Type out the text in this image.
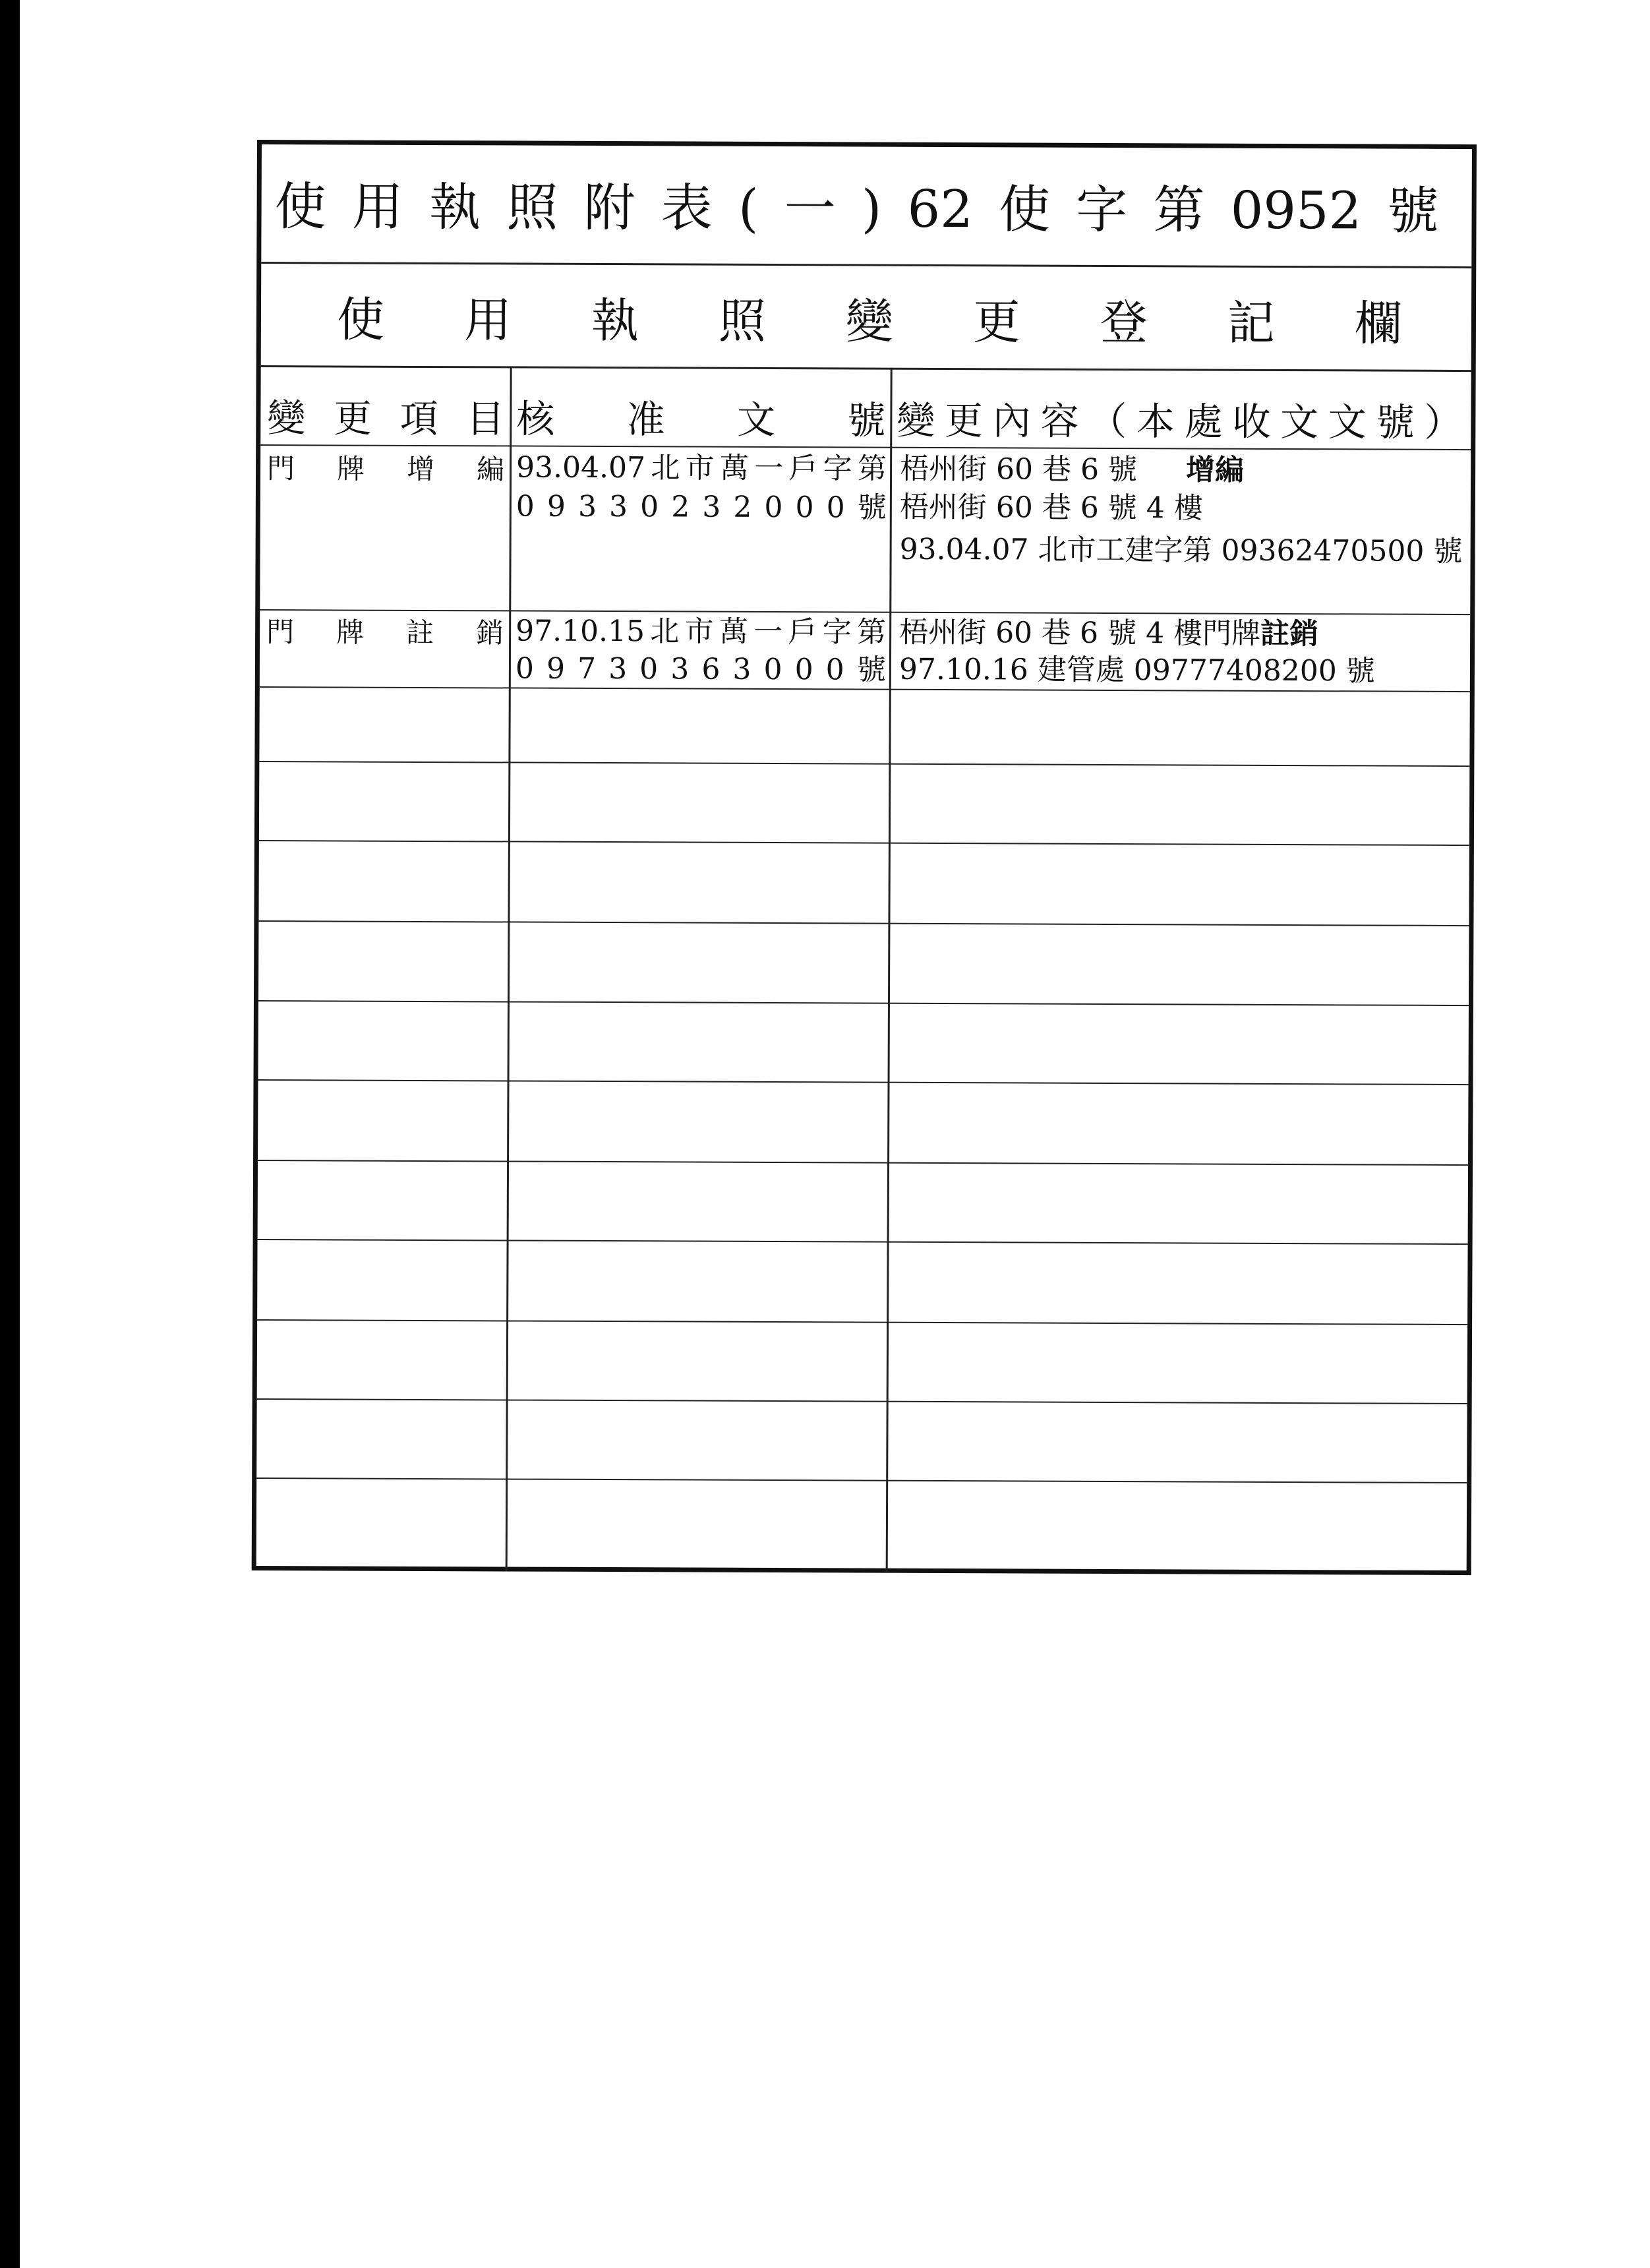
使 用 執 照 附 表 ( 一 ) 62 使 字 第 0952 號
使 用 執 照 變 更 登 記 欄
變 更 項 目 核 准 文 號 變 更 內 容 （ 本 處 收 文 文 號 ）
門 牌 增 編 93.04.07 北 市 萬 一 戶 字 第
0 9 3 3 0 2 3 2 0 0 0 號
梧州街 60 巷 6 號 增編
梧州街 60 巷 6 號 4 樓
93.04.07 北市工建字第 09362470500 號
門 牌 註 銷 97.10.15 北 市 萬 一 戶 字 第
0 9 7 3 0 3 6 3 0 0 0 號
梧州街 60 巷 6 號 4 樓門牌註銷
97.10.16 建管處 09777408200 號
